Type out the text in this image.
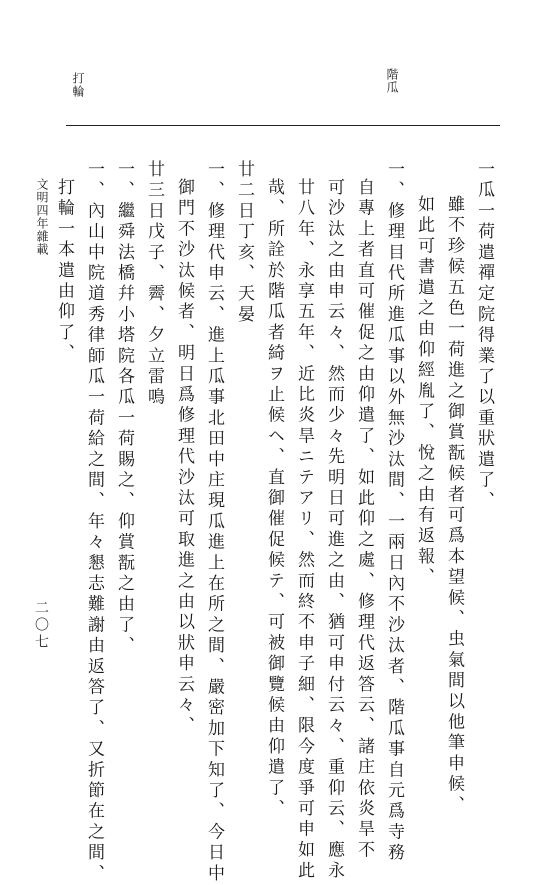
打輪	階瓜
文明四年雜載
二〇七
一瓜一荷遣禪定院得業了以重狀遣了、
雖不珍候五色一荷進之御賞翫候者可爲本望候、虫氣間以他筆申候、
如此可書遣之由仰經胤了、悅之由有返報、
一、修理目代所進瓜事以外無沙汰間、一兩日內不沙汰者、階瓜事自元爲寺務
自專上者直可催促之由仰遣了、如此仰之處、修理代返答云、諸庄依炎旱不
可沙汰之由申云々、然而少々先明日可進之由、猶可申付云々、重仰云、應永
廿八年、永享五年、近比炎旱ニテアリ、然而終不申子細、限今度爭可申如此
哉、所詮於階瓜者綺ヲ止候ヘ、直御催促候テ、可被御覽候由仰遣了、
廿二日丁亥、天晏
一、修理代申云、進上瓜事北田中庄現瓜進上在所之間、嚴密加下知了、今日中
御門不沙汰候者、明日爲修理代沙汰可取進之由以狀申云々、
廿三日戊子、霽、夕立雷鳴
一、繼舜法橋幷小塔院各瓜一荷賜之、仰賞翫之由了、
一、內山中院道秀律師瓜一荷給之間、年々懇志難謝由返答了、又折節在之間、
打輪一本遣由仰了、
